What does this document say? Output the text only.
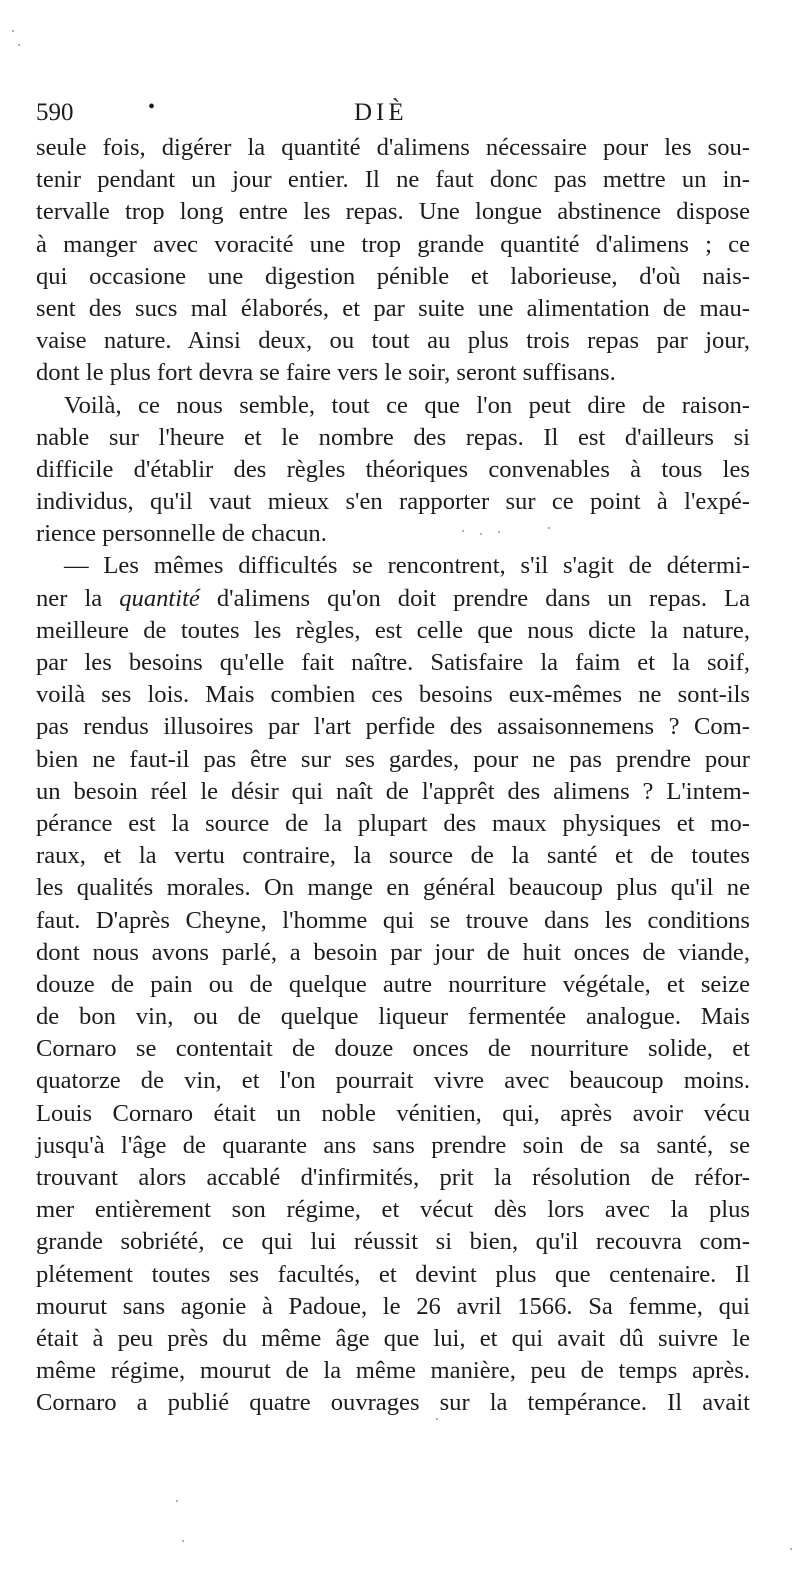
590	•	DIÈ
seule fois, digérer la quantité d'alimens nécessaire pour les sou-
tenir pendant un jour entier. Il ne faut donc pas mettre un in-
tervalle trop long entre les repas. Une longue abstinence dispose
à manger avec voracité une trop grande quantité d'alimens ; ce
qui occasione une digestion pénible et laborieuse, d'où nais-
sent des sucs mal élaborés, et par suite une alimentation de mau-
vaise nature. Ainsi deux, ou tout au plus trois repas par jour,
dont le plus fort devra se faire vers le soir, seront suffisans.
Voilà, ce nous semble, tout ce que l'on peut dire de raison-
nable sur l'heure et le nombre des repas. Il est d'ailleurs si
difficile d'établir des règles théoriques convenables à tous les
individus, qu'il vaut mieux s'en rapporter sur ce point à l'expé-
rience personnelle de chacun.
— Les mêmes difficultés se rencontrent, s'il s'agit de détermi-
ner la quantité d'alimens qu'on doit prendre dans un repas. La
meilleure de toutes les règles, est celle que nous dicte la nature,
par les besoins qu'elle fait naître. Satisfaire la faim et la soif,
voilà ses lois. Mais combien ces besoins eux-mêmes ne sont-ils
pas rendus illusoires par l'art perfide des assaisonnemens ? Com-
bien ne faut-il pas être sur ses gardes, pour ne pas prendre pour
un besoin réel le désir qui naît de l'apprêt des alimens ? L'intem-
pérance est la source de la plupart des maux physiques et mo-
raux, et la vertu contraire, la source de la santé et de toutes
les qualités morales. On mange en général beaucoup plus qu'il ne
faut. D'après Cheyne, l'homme qui se trouve dans les conditions
dont nous avons parlé, a besoin par jour de huit onces de viande,
douze de pain ou de quelque autre nourriture végétale, et seize
de bon vin, ou de quelque liqueur fermentée analogue. Mais
Cornaro se contentait de douze onces de nourriture solide, et
quatorze de vin, et l'on pourrait vivre avec beaucoup moins.
Louis Cornaro était un noble vénitien, qui, après avoir vécu
jusqu'à l'âge de quarante ans sans prendre soin de sa santé, se
trouvant alors accablé d'infirmités, prit la résolution de réfor-
mer entièrement son régime, et vécut dès lors avec la plus
grande sobriété, ce qui lui réussit si bien, qu'il recouvra com-
plétement toutes ses facultés, et devint plus que centenaire. Il
mourut sans agonie à Padoue, le 26 avril 1566. Sa femme, qui
était à peu près du même âge que lui, et qui avait dû suivre le
même régime, mourut de la même manière, peu de temps après.
Cornaro a publié quatre ouvrages sur la tempérance. Il avait
